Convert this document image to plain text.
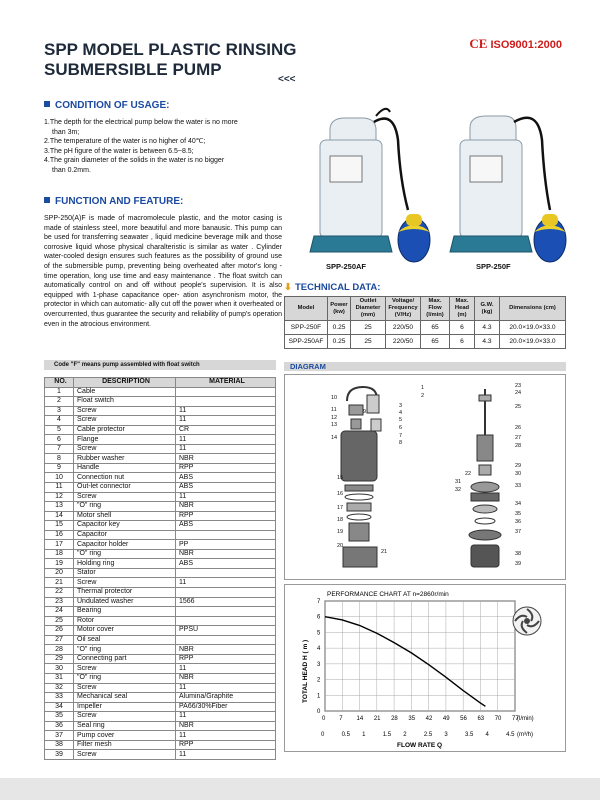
SPP MODEL PLASTIC RINSING
SUBMERSIBLE PUMP
CE ISO9001:2000
<<<
CONDITION OF USAGE:
1.The depth for the electrical pump below the water is no more
than 3m;
2.The temperature of the water is no higher of 40℃;
3.The pH figure of the water is between 6.5~8.5;
4.The grain diameter of the solids in the water is no bigger
than 0.2mm.
FUNCTION AND FEATURE:
SPP-250(A)F is made of macromolecule plastic, and the motor casing is made of stainless steel, more beautiful and more banausic. This pump can be used for transferring seawater , liquid medicine beverage milk and those corrosive liquid whose physical charalteristic is similar as water . Cylinder water-cooled design ensures such features as the possibility of ground use of the submersible pump, preventing being overheated after motor's long - time operation, long use time and easy maintenance . The float switch can automatically control on and off without people's supervision. It is also equipped with 1-phase capacitance oper- ation asynchronism motor, the protector in which can automatic- ally cut off the power when it overheated or overcurrented, thus guarantee the security and reliability of pump's operation even in the atrocious environment.
SPP-250AF	SPP-250F
⬇ TECHNICAL DATA:
Model	Power (kw)	Outlet Diameter (mm)	Voltage/ Frequency (V/Hz)	Max. Flow (l/min)	Max. Head (m)	G.W. (kg)	Dimensions (cm)
SPP-250F	0.25	25	220/50	65	6	4.3	20.0×19.0×33.0
SPP-250AF	0.25	25	220/50	65	6	4.3	20.0×19.0×33.0
Code "F" means pump assembled with float switch
NO.	DESCRIPTION	MATERIAL
1	Cable	
2	Float switch	
3	Screw	11
4	Screw	11
5	Cable protector	CR
6	Flange	11
7	Screw	11
8	Rubber washer	NBR
9	Handle	RPP
10	Connection nut	ABS
11	Out-let connector	ABS
12	Screw	11
13	"O" ring	NBR
14	Motor shell	RPP
15	Capacitor key	ABS
16	Capacitor	
17	Capacitor holder	PP
18	"O" ring	NBR
19	Holding ring	ABS
20	Stator	
21	Screw	11
22	Thermal protector	
23	Undulated washer	1566
24	Bearing	
25	Rotor	
26	Motor cover	PPSU
27	Oil seal	
28	"O" ring	NBR
29	Connecting part	RPP
30	Screw	11
31	"O" ring	NBR
32	Screw	11
33	Mechanical seal	Alumina/Graphite
34	Impeller	PA66/30%Fiber
35	Screw	11
36	Seal ring	NBR
37	Pump cover	11
38	Filter mesh	RPP
39	Screw	11
DIAGRAM
1
2
3
4
5
6
7
8
9
10
11
12
13
14
15
16
17
18
19
20
21
23
24
25
26
27
28
29
30
31
32
33
34
35
36
37
38
39
22
PERFORMANCE CHART AT n=2860r/min
TOTAL HEAD H ( m )
FLOW RATE Q
(l/min)
(m³/h)
0
1
2
3
4
5
6
7
0 7 14 21 28 35 42 49 56 63 70 77
0	0.5 1	1.5 2	2.5 3	3.5 4	4.5
